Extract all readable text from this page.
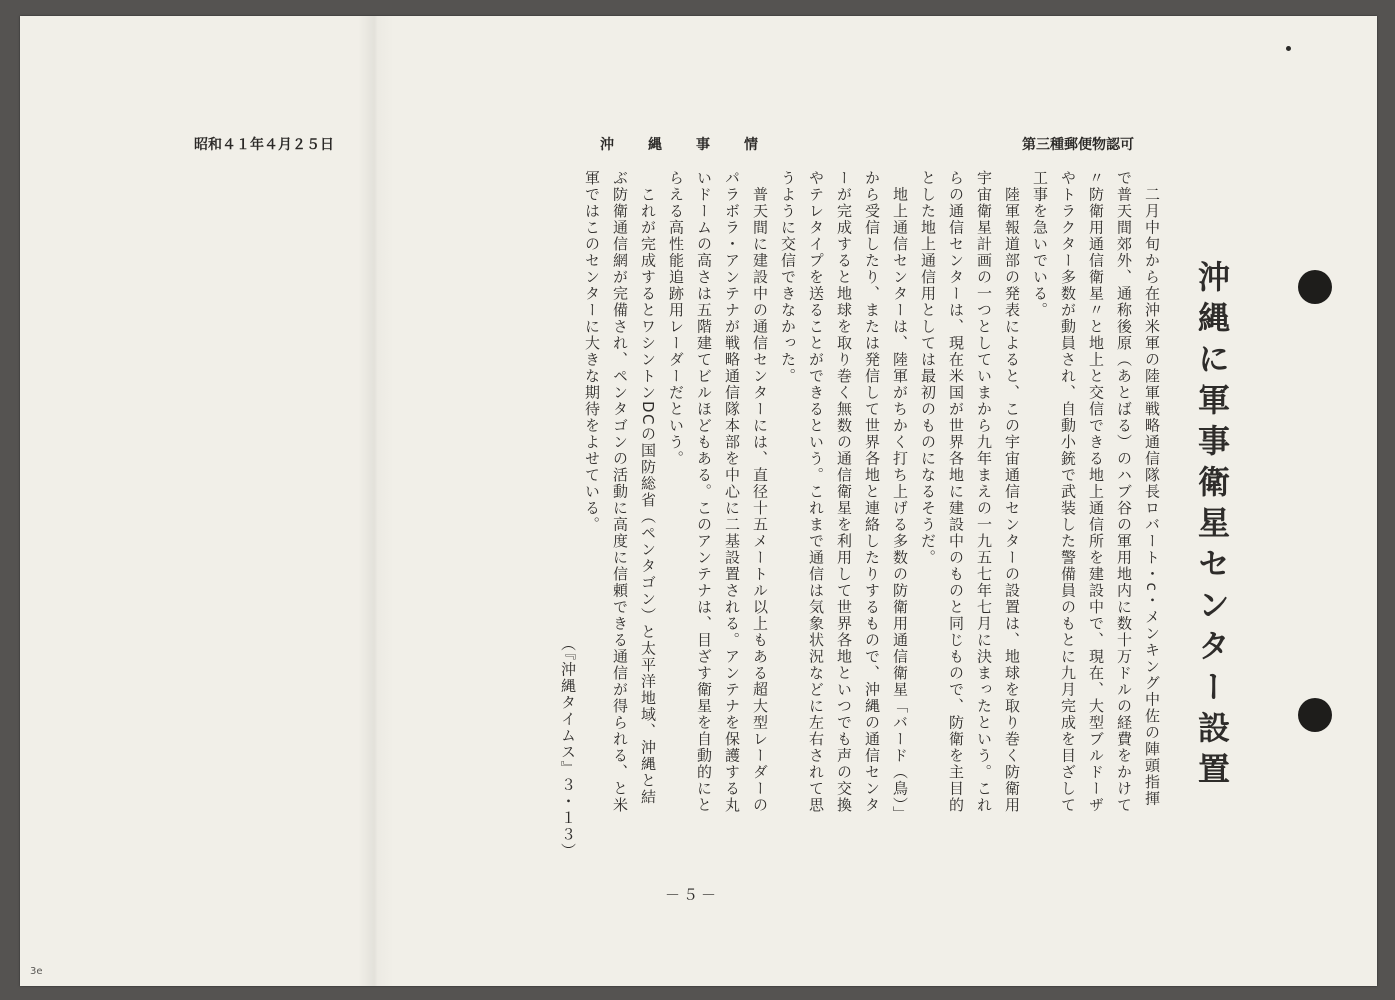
昭和４１年４月２５日	沖　　縄　　事　　情	第三種郵便物認可
沖縄に軍事衛星センター設置
　二月中旬から在沖米軍の陸軍戦略通信隊長ロバート・c・メンキング中佐の陣頭指揮
で普天間郊外、通称後原（あとばる）のハブ谷の軍用地内に数十万ドルの経費をかけて
〃防衛用通信衛星〃と地上と交信できる地上通信所を建設中で、現在、大型ブルドーザ
やトラクター多数が動員され、自動小銃で武装した警備員のもとに九月完成を目ざして
工事を急いでいる。
　陸軍報道部の発表によると、この宇宙通信センターの設置は、地球を取り巻く防衛用
宇宙衛星計画の一つとしていまから九年まえの一九五七年七月に決まったという。これ
らの通信センターは、現在米国が世界各地に建設中のものと同じもので、防衛を主目的
とした地上通信用としては最初のものになるそうだ。
　地上通信センターは、陸軍がちかく打ち上げる多数の防衛用通信衛星「バード（鳥）」
から受信したり、または発信して世界各地と連絡したりするもので、沖縄の通信センタ
ーが完成すると地球を取り巻く無数の通信衛星を利用して世界各地といつでも声の交換
やテレタイプを送ることができるという。これまで通信は気象状況などに左右されて思
うように交信できなかった。
　普天間に建設中の通信センターには、直径十五メートル以上もある超大型レーダーの
パラボラ・アンテナが戦略通信隊本部を中心に二基設置される。アンテナを保護する丸
いドームの高さは五階建てビルほどもある。このアンテナは、目ざす衛星を自動的にと
らえる高性能追跡用レーダーだという。
　これが完成するとワシントンDCの国防総省（ペンタゴン）と太平洋地域、沖縄と結
ぶ防衛通信網が完備され、ペンタゴンの活動に高度に信頼できる通信が得られる、と米
軍ではこのセンターに大きな期待をよせている。
（『沖縄タイムス』３・１３）
－５－
3e
